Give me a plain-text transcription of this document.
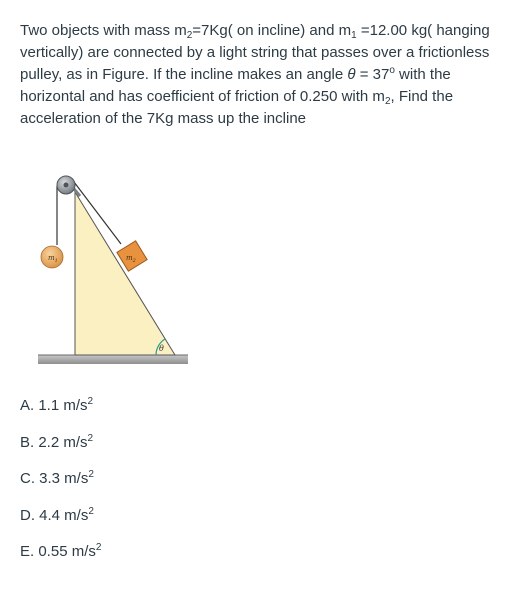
Two objects with mass $m_2=7Kg$( on incline) and $m_1 =12.00$ kg( hanging vertically) are connected by a light string that passes over a frictionless pulley, as in Figure. If the incline makes an angle $\theta = 37^o$ with the horizontal and has coefficient of friction of 0.250 with $m_2$, Find the acceleration of the 7Kg mass up the incline

$m_1$	$m_2$
θ
A. 1.1 $m/s^2$
B. 2.2 $m/s^2$
C. 3.3 $m/s^2$
D. 4.4 $m/s^2$
E. 0.55 $m/s^2$
